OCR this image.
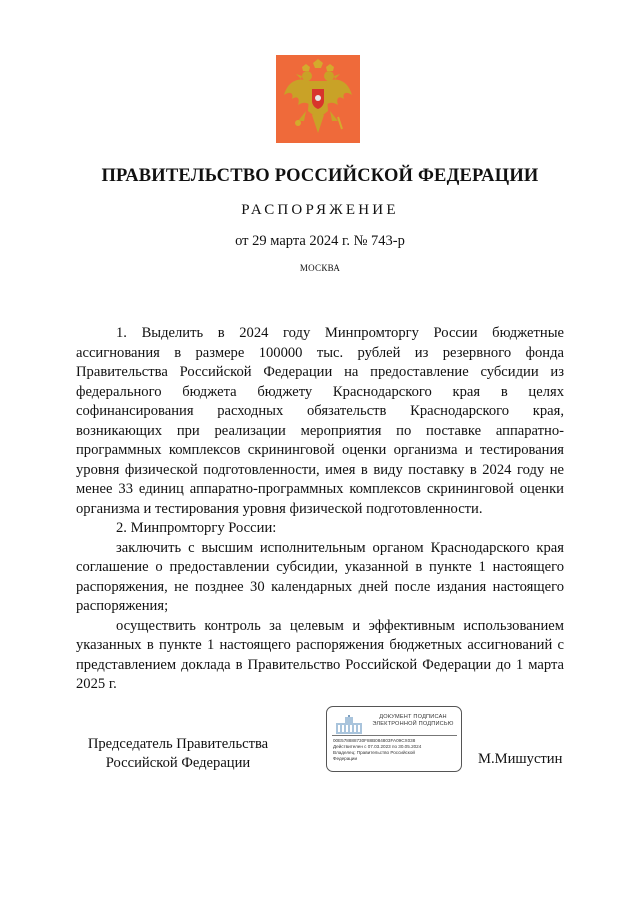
ПРАВИТЕЛЬСТВО РОССИЙСКОЙ ФЕДЕРАЦИИ
РАСПОРЯЖЕНИЕ
от 29 марта 2024 г. № 743-р
МОСКВА

1. Выделить в 2024 году Минпромторгу России бюджетные ассигнования в размере 100000 тыс. рублей из резервного фонда Правительства Российской Федерации на предоставление субсидии из федерального бюджета бюджету Краснодарского края в целях софинансирования расходных обязательств Краснодарского края, возникающих при реализации мероприятия по поставке аппаратно-программных комплексов скрининговой оценки организма и тестирования уровня физической подготовленности, имея в виду поставку в 2024 году не менее 33 единиц аппаратно-программных комплексов скрининговой оценки организма и тестирования уровня физической подготовленности.

2. Минпромторгу России:

заключить с высшим исполнительным органом Краснодарского края соглашение о предоставлении субсидии, указанной в пункте 1 настоящего распоряжения, не позднее 30 календарных дней после издания настоящего распоряжения;

осуществить контроль за целевым и эффективным использованием указанных в пункте 1 настоящего распоряжения бюджетных ассигнований с представлением доклада в Правительство Российской Федерации до 1 марта 2025 г.

Председатель Правительства
Российской Федерации
ДОКУМЕНТ ПОДПИСАН
ЭЛЕКТРОННОЙ ПОДПИСЬЮ
00E578888730F88B084803FA09CX038
Действителен с 07.03.2023 по 30.05.2024
Владелец: Правительство Российской
Федерации	М.Мишустин
